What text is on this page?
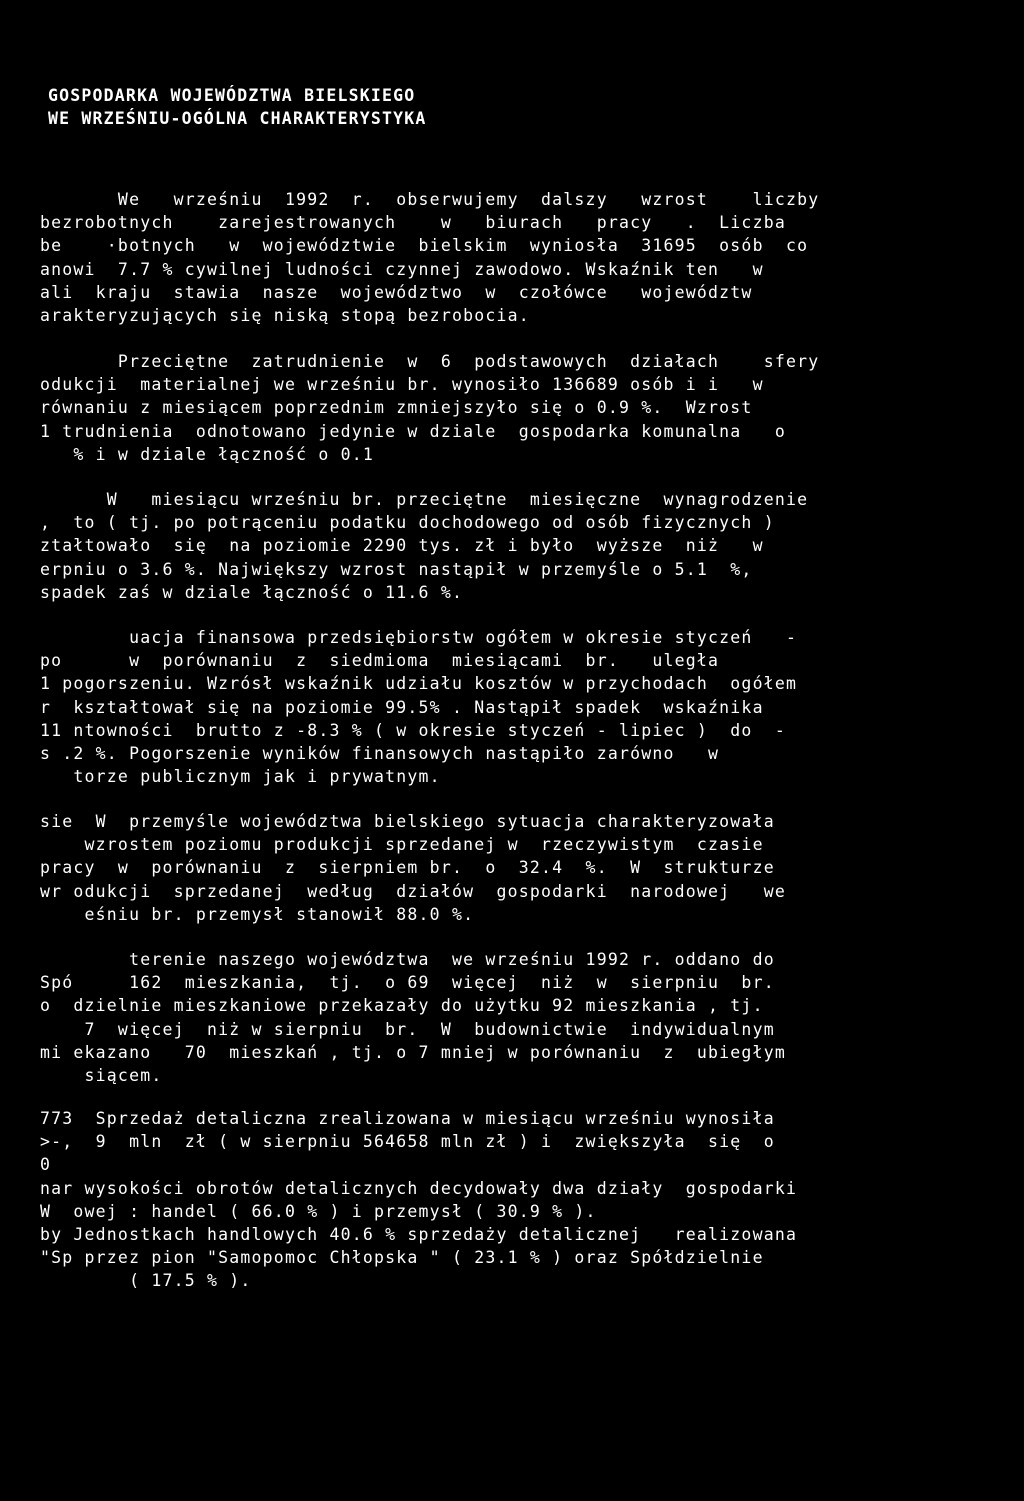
GOSPODARKA WOJEWÓDZTWA BIELSKIEGO
WE WRZEŚNIU-OGÓLNA CHARAKTERYSTYKA
We   wrześniu  1992  r.  obserwujemy  dalszy   wzrost    liczby
bezrobotnych    zarejestrowanych    w   biurach   pracy   .  Liczba
be    ·botnych   w  województwie  bielskim  wyniosła  31695  osób  co
anowi  7.7 % cywilnej ludności czynnej zawodowo. Wskaźnik ten   w
ali  kraju  stawia  nasze  województwo  w  czołówce   województw
arakteryzujących się niską stopą bezrobocia.
Przeciętne  zatrudnienie  w  6  podstawowych  działach    sfery
odukcji  materialnej we wrześniu br. wynosiło 136689 osób i i   w
równaniu z miesiącem poprzednim zmniejszyło się o 0.9 %.  Wzrost
1 trudnienia  odnotowano jedynie w dziale  gospodarka komunalna   o
% i w dziale łączność o 0.1
W   miesiącu wrześniu br. przeciętne  miesięczne  wynagrodzenie
,  to ( tj. po potrąceniu podatku dochodowego od osób fizycznych )
ztałtowało  się  na poziomie 2290 tys. zł i było  wyższe  niż   w
erpniu o 3.6 %. Największy wzrost nastąpił w przemyśle o 5.1  %,
spadek zaś w dziale łączność o 11.6 %.
uacja finansowa przedsiębiorstw ogółem w okresie styczeń   -
po      w  porównaniu  z  siedmioma  miesiącami  br.   uległa
1 pogorszeniu. Wzrósł wskaźnik udziału kosztów w przychodach  ogółem
r  kształtował się na poziomie 99.5% . Nastąpił spadek  wskaźnika
11 ntowności  brutto z -8.3 % ( w okresie styczeń - lipiec )  do  -
s .2 %. Pogorszenie wyników finansowych nastąpiło zarówno   w
torze publicznym jak i prywatnym.
sie  W  przemyśle województwa bielskiego sytuacja charakteryzowała
wzrostem poziomu produkcji sprzedanej w  rzeczywistym  czasie
pracy  w  porównaniu  z  sierpniem br.  o  32.4  %.  W  strukturze
wr odukcji  sprzedanej  według  działów  gospodarki  narodowej   we
eśniu br. przemysł stanowił 88.0 %.
terenie naszego województwa  we wrześniu 1992 r. oddano do
Spó     162  mieszkania,  tj.  o 69  więcej  niż  w  sierpniu  br.
o  dzielnie mieszkaniowe przekazały do użytku 92 mieszkania , tj.
7  więcej  niż w sierpniu  br.  W  budownictwie  indywidualnym
mi ekazano   70  mieszkań , tj. o 7 mniej w porównaniu  z  ubiegłym
siącem.
773  Sprzedaż detaliczna zrealizowana w miesiącu wrześniu wynosiła
>-,  9  mln  zł ( w sierpniu 564658 mln zł ) i  zwiększyła  się  o
0
nar wysokości obrotów detalicznych decydowały dwa działy  gospodarki
W  owej : handel ( 66.0 % ) i przemysł ( 30.9 % ).
by Jednostkach handlowych 40.6 % sprzedaży detalicznej   realizowana
"Sp przez pion "Samopomoc Chłopska " ( 23.1 % ) oraz Spółdzielnie
( 17.5 % ).
